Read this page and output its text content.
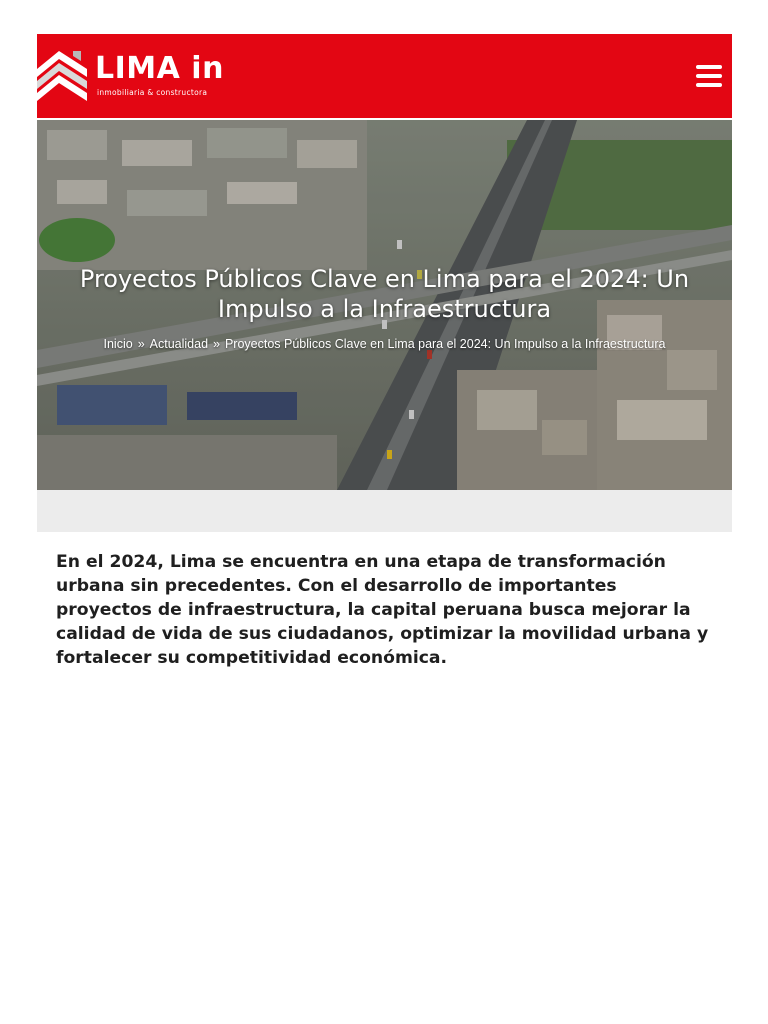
LIMA in
inmobiliaria & constructora
Proyectos Públicos Clave en Lima para el 2024: Un Impulso a la Infraestructura
Inicio » Actualidad » Proyectos Públicos Clave en Lima para el 2024: Un Impulso a la Infraestructura

En el 2024, Lima se encuentra en una etapa de transformación urbana sin precedentes. Con el desarrollo de importantes proyectos de infraestructura, la capital peruana busca mejorar la calidad de vida de sus ciudadanos, optimizar la movilidad urbana y fortalecer su competitividad económica.
